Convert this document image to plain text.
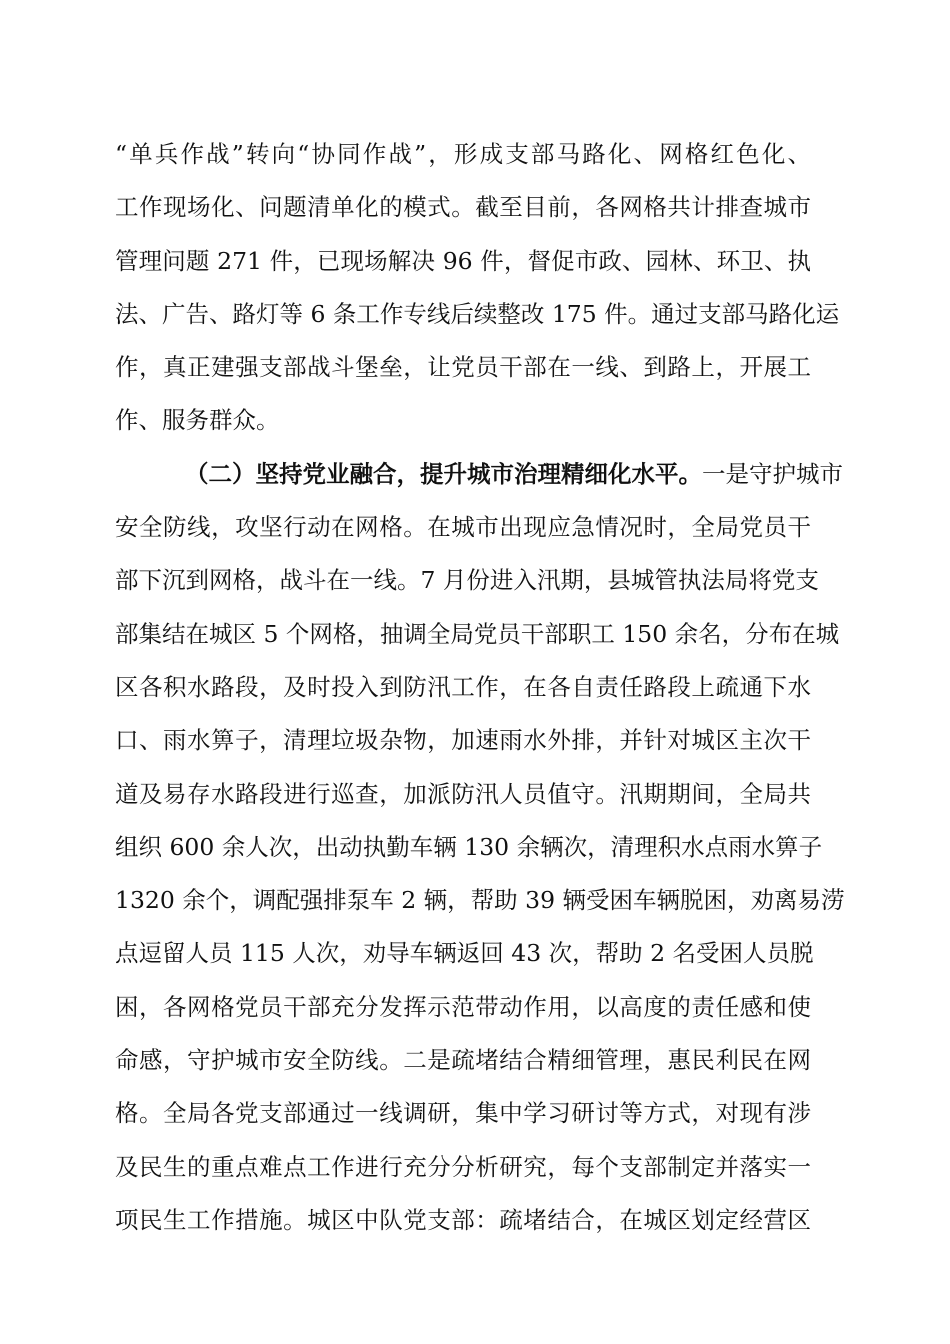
“单兵作战”转向“协同作战”，形成支部马路化、网格红色化、
工作现场化、问题清单化的模式。截至目前，各网格共计排查城市
管理问题 271 件，已现场解决 96 件，督促市政、园林、环卫、执
法、广告、路灯等 6 条工作专线后续整改 175 件。通过支部马路化运
作，真正建强支部战斗堡垒，让党员干部在一线、到路上，开展工
作、服务群众。
（二）坚持党业融合，提升城市治理精细化水平。一是守护城市
安全防线，攻坚行动在网格。在城市出现应急情况时，全局党员干
部下沉到网格，战斗在一线。7 月份进入汛期，县城管执法局将党支
部集结在城区 5 个网格，抽调全局党员干部职工 150 余名，分布在城
区各积水路段，及时投入到防汛工作，在各自责任路段上疏通下水
口、雨水箅子，清理垃圾杂物，加速雨水外排，并针对城区主次干
道及易存水路段进行巡查，加派防汛人员值守。汛期期间，全局共
组织 600 余人次，出动执勤车辆 130 余辆次，清理积水点雨水箅子
1320 余个，调配强排泵车 2 辆，帮助 39 辆受困车辆脱困，劝离易涝
点逗留人员 115 人次，劝导车辆返回 43 次，帮助 2 名受困人员脱
困，各网格党员干部充分发挥示范带动作用，以高度的责任感和使
命感，守护城市安全防线。二是疏堵结合精细管理，惠民利民在网
格。全局各党支部通过一线调研，集中学习研讨等方式，对现有涉
及民生的重点难点工作进行充分分析研究，每个支部制定并落实一
项民生工作措施。城区中队党支部：疏堵结合，在城区划定经营区
